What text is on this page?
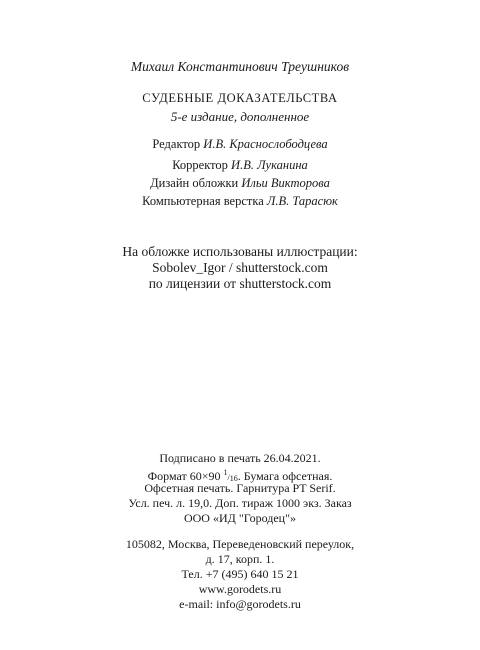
Михаил Константинович Треушников
СУДЕБНЫЕ ДОКАЗАТЕЛЬСТВА
5-е издание, дополненное
Редактор И.В. Краснослободцева
Корректор И.В. Луканина
Дизайн обложки Ильи Викторова
Компьютерная верстка Л.В. Тарасюк
На обложке использованы иллюстрации:
Sobolev_Igor / shutterstock.com
по лицензии от shutterstock.com
Подписано в печать 26.04.2021.
Формат 60×90 $^1/_{16}$. Бумага офсетная.
Офсетная печать. Гарнитура PT Serif.
Усл. печ. л. 19,0. Доп. тираж 1000 экз. Заказ
ООО «ИД "Городец"»
105082, Москва, Переведеновский переулок,
д. 17, корп. 1.
Тел. +7 (495) 640 15 21
www.gorodets.ru
e-mail: info@gorodets.ru
